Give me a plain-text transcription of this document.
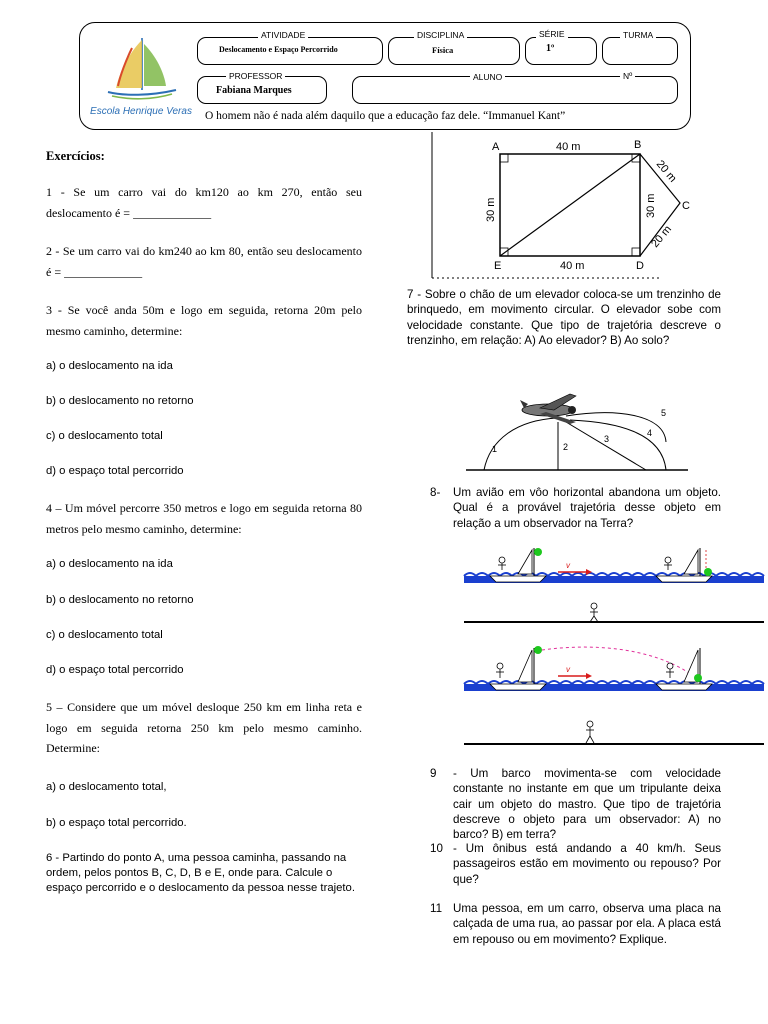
Escola Henrique Veras
ATIVIDADE
Deslocamento e Espaço Percorrido
DISCIPLINA
Física
SÉRIE
1º
TURMA
PROFESSOR
Fabiana Marques
ALUNO	Nº
O homem não é nada além daquilo que a educação faz dele. “Immanuel Kant”
Exercícios:
1 - Se um carro vai do km120 ao km 270, então seu deslocamento é = _____________
2 - Se um carro vai do km240 ao km 80, então seu deslocamento é = _____________
3 - Se você anda 50m e logo em seguida, retorna 20m pelo mesmo caminho, determine:
a) o deslocamento na ida
b) o deslocamento no retorno
c) o deslocamento total
d) o espaço total percorrido
4 – Um móvel percorre 350 metros e logo em seguida retorna 80 metros pelo mesmo caminho, determine:
a) o deslocamento na ida
b) o deslocamento no retorno
c) o deslocamento total
d) o espaço total percorrido
5 – Considere que um móvel desloque 250 km em linha reta e logo em seguida retorna 250 km pelo mesmo caminho. Determine:
a) o deslocamento total,
b) o espaço total percorrido.
6 - Partindo do ponto A, uma pessoa caminha, passando na ordem, pelos pontos B, C, D, B e E, onde para. Calcule o espaço percorrido e o deslocamento da pessoa nesse trajeto.
A	B
C
D
E
40 m
40 m
30 m	30 m
20 m
20 m
7 - Sobre o chão de um elevador coloca-se um trenzinho de brinquedo, em movimento circular. O elevador sobe com velocidade constante. Que tipo de trajetória descreve o trenzinho, em relação: A) Ao elevador? B) Ao solo?
1	2
3
4
5
8- Um avião em vôo horizontal abandona um objeto. Qual é a provável trajetória desse objeto em relação a um observador na Terra?
v
v
9 - Um barco movimenta-se com velocidade constante no instante em que um tripulante deixa cair um objeto do mastro. Que tipo de trajetória descreve o objeto para um observador: A) no barco? B) em terra?
10 - Um ônibus está andando a 40 km/h. Seus passageiros estão em movimento ou repouso? Por que?
11 Uma pessoa, em um carro, observa uma placa na calçada de uma rua, ao passar por ela. A placa está em repouso ou em movimento? Explique.
